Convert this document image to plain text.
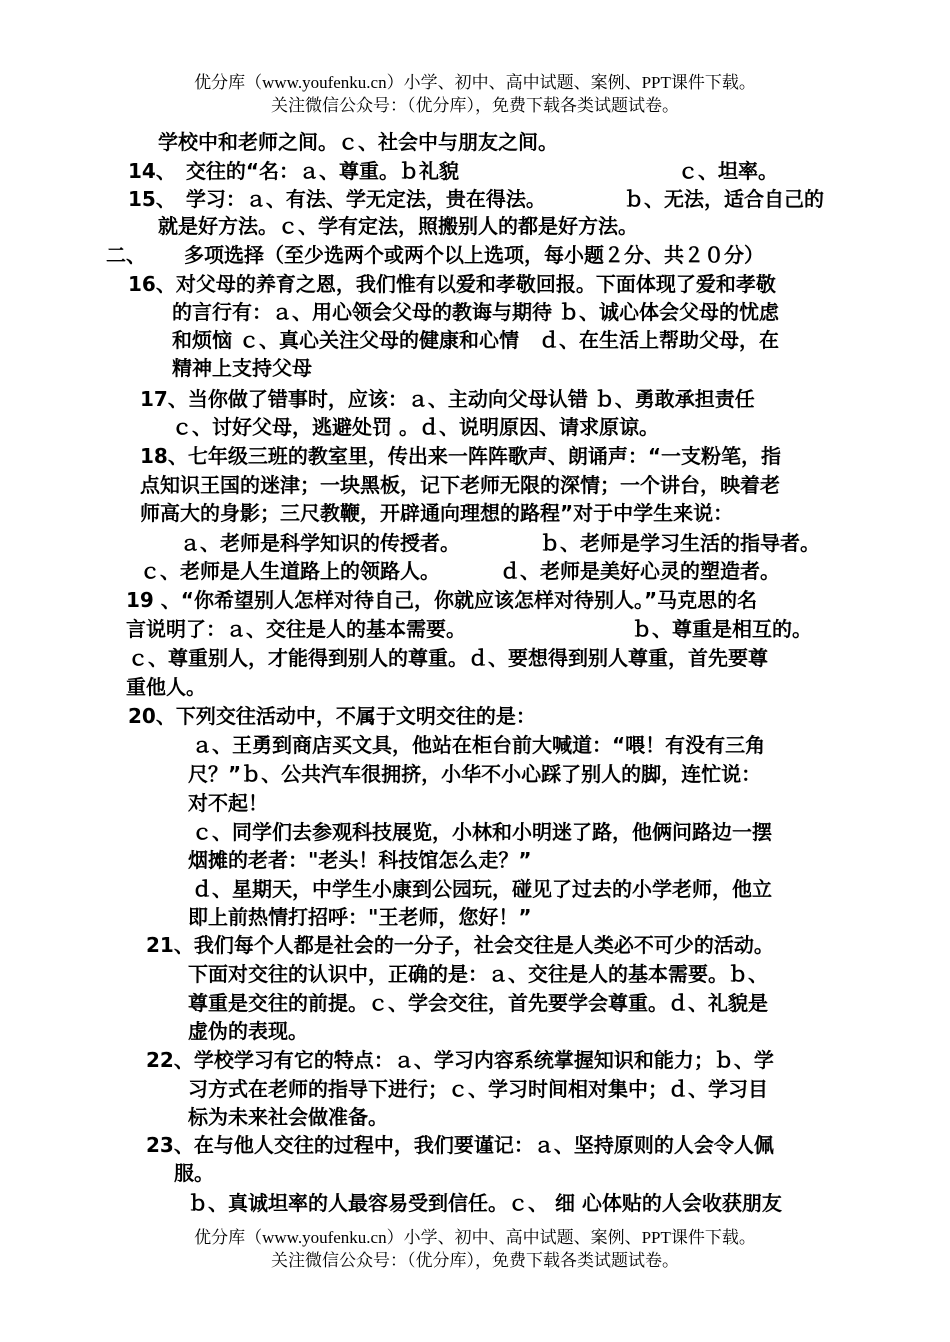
优分库（www.youfenku.cn）小学、初中、高中试题、案例、PPT课件下载。
关注微信公众号：（优分库），免费下载各类试题试卷。
学校中和老师之间。ｃ、社会中与朋友之间。
14、　交往的“名：ａ、尊重。ｂ礼貌	ｃ、坦率。
15、　学习：ａ、有法、学无定法，贵在得法。	ｂ、无法，适合自己的
就是好方法。ｃ、学有定法，照搬别人的都是好方法。
二、 多项选择（至少选两个或两个以上选项，每小题２分、共２０分）
16、对父母的养育之恩，我们惟有以爱和孝敬回报。下面体现了爱和孝敬
的言行有：ａ、用心领会父母的教诲与期待 ｂ、诚心体会父母的忧虑
和烦恼 ｃ、真心关注父母的健康和心情　ｄ、在生活上帮助父母，在
精神上支持父母
17、当你做了错事时，应该：ａ、主动向父母认错 ｂ、勇敢承担责任
ｃ、讨好父母，逃避处罚 。ｄ、说明原因、请求原谅。
18、七年级三班的教室里，传出来一阵阵歌声、朗诵声：“一支粉笔，指
点知识王国的迷津；一块黑板，记下老师无限的深情；一个讲台，映着老
师高大的身影；三尺教鞭，开辟通向理想的路程”对于中学生来说：
ａ、老师是科学知识的传授者。	ｂ、老师是学习生活的指导者。
ｃ、老师是人生道路上的领路人。	ｄ、老师是美好心灵的塑造者。
19 、“你希望别人怎样对待自己，你就应该怎样对待别人。”马克思的名
言说明了：ａ、交往是人的基本需要。	ｂ、尊重是相互的。
ｃ、尊重别人，才能得到别人的尊重。ｄ、要想得到别人尊重，首先要尊
重他人。
20、下列交往活动中，不属于文明交往的是：
ａ、王勇到商店买文具，他站在柜台前大喊道：“喂！有没有三角
尺？”ｂ、公共汽车很拥挤，小华不小心踩了别人的脚，连忙说：
对不起！
ｃ、同学们去参观科技展览，小林和小明迷了路，他俩问路边一摆
烟摊的老者："老头！科技馆怎么走？”
ｄ、星期天，中学生小康到公园玩，碰见了过去的小学老师，他立
即上前热情打招呼："王老师，您好！”
21、我们每个人都是社会的一分子，社会交往是人类必不可少的活动。
下面对交往的认识中，正确的是：ａ、交往是人的基本需要。ｂ、
尊重是交往的前提。ｃ、学会交往，首先要学会尊重。ｄ、礼貌是
虚伪的表现。
22、学校学习有它的特点：ａ、学习内容系统掌握知识和能力；ｂ、学
习方式在老师的指导下进行；ｃ、学习时间相对集中；ｄ、学习目
标为未来社会做准备。
23、在与他人交往的过程中，我们要谨记：ａ、坚持原则的人会令人佩
服。
ｂ、真诚坦率的人最容易受到信任。ｃ、 细 心体贴的人会收获朋友
优分库（www.youfenku.cn）小学、初中、高中试题、案例、PPT课件下载。
关注微信公众号：（优分库），免费下载各类试题试卷。
